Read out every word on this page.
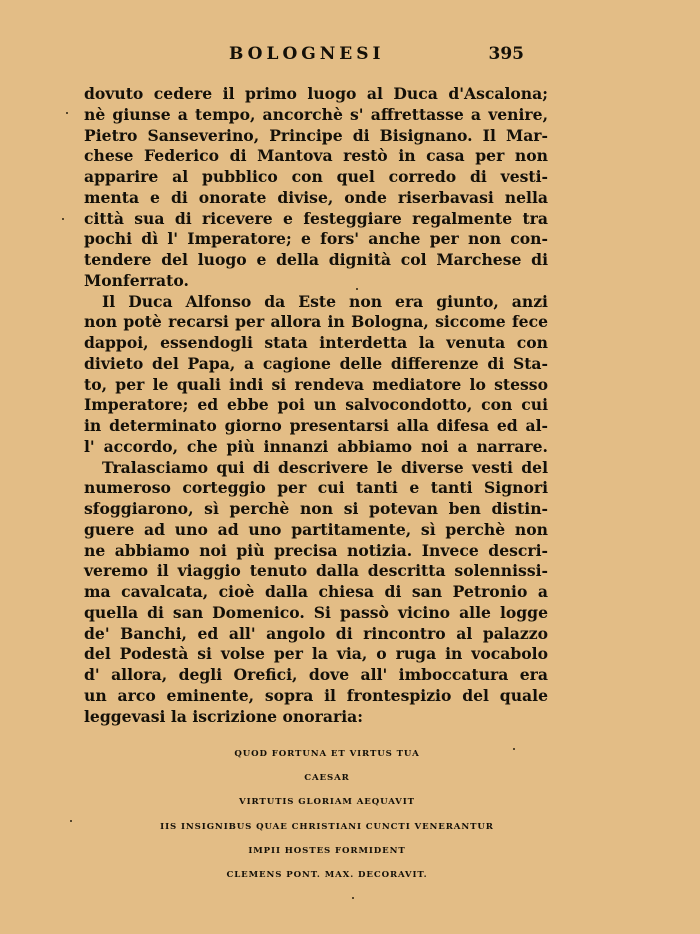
BOLOGNESI	395
dovuto cedere il primo luogo al Duca d'Ascalona;
nè giunse a tempo, ancorchè s' affrettasse a venire,
Pietro Sanseverino, Principe di Bisignano. Il Mar-
chese Federico di Mantova restò in casa per non
apparire al pubblico con quel corredo di vesti-
menta e di onorate divise, onde riserbavasi nella
città sua di ricevere e festeggiare regalmente tra
pochi dì l' Imperatore; e fors' anche per non con-
tendere del luogo e della dignità col Marchese di
Monferrato.
Il Duca Alfonso da Este non era giunto, anzi
non potè recarsi per allora in Bologna, siccome fece
dappoi, essendogli stata interdetta la venuta con
divieto del Papa, a cagione delle differenze di Sta-
to, per le quali indi si rendeva mediatore lo stesso
Imperatore; ed ebbe poi un salvocondotto, con cui
in determinato giorno presentarsi alla difesa ed al-
l' accordo, che più innanzi abbiamo noi a narrare.
Tralasciamo qui di descrivere le diverse vesti del
numeroso corteggio per cui tanti e tanti Signori
sfoggiarono, sì perchè non si potevan ben distin-
guere ad uno ad uno partitamente, sì perchè non
ne abbiamo noi più precisa notizia. Invece descri-
veremo il viaggio tenuto dalla descritta solennissi-
ma cavalcata, cioè dalla chiesa di san Petronio a
quella di san Domenico. Si passò vicino alle logge
de' Banchi, ed all' angolo di rincontro al palazzo
del Podestà si volse per la via, o ruga in vocabolo
d' allora, degli Orefici, dove all' imboccatura era
un arco eminente, sopra il frontespizio del quale
leggevasi la iscrizione onoraria:
QUOD FORTUNA ET VIRTUS TUA
CAESAR
VIRTUTIS GLORIAM AEQUAVIT
IIS INSIGNIBUS QUAE CHRISTIANI CUNCTI VENERANTUR
IMPII HOSTES FORMIDENT
CLEMENS PONT. MAX. DECORAVIT.
